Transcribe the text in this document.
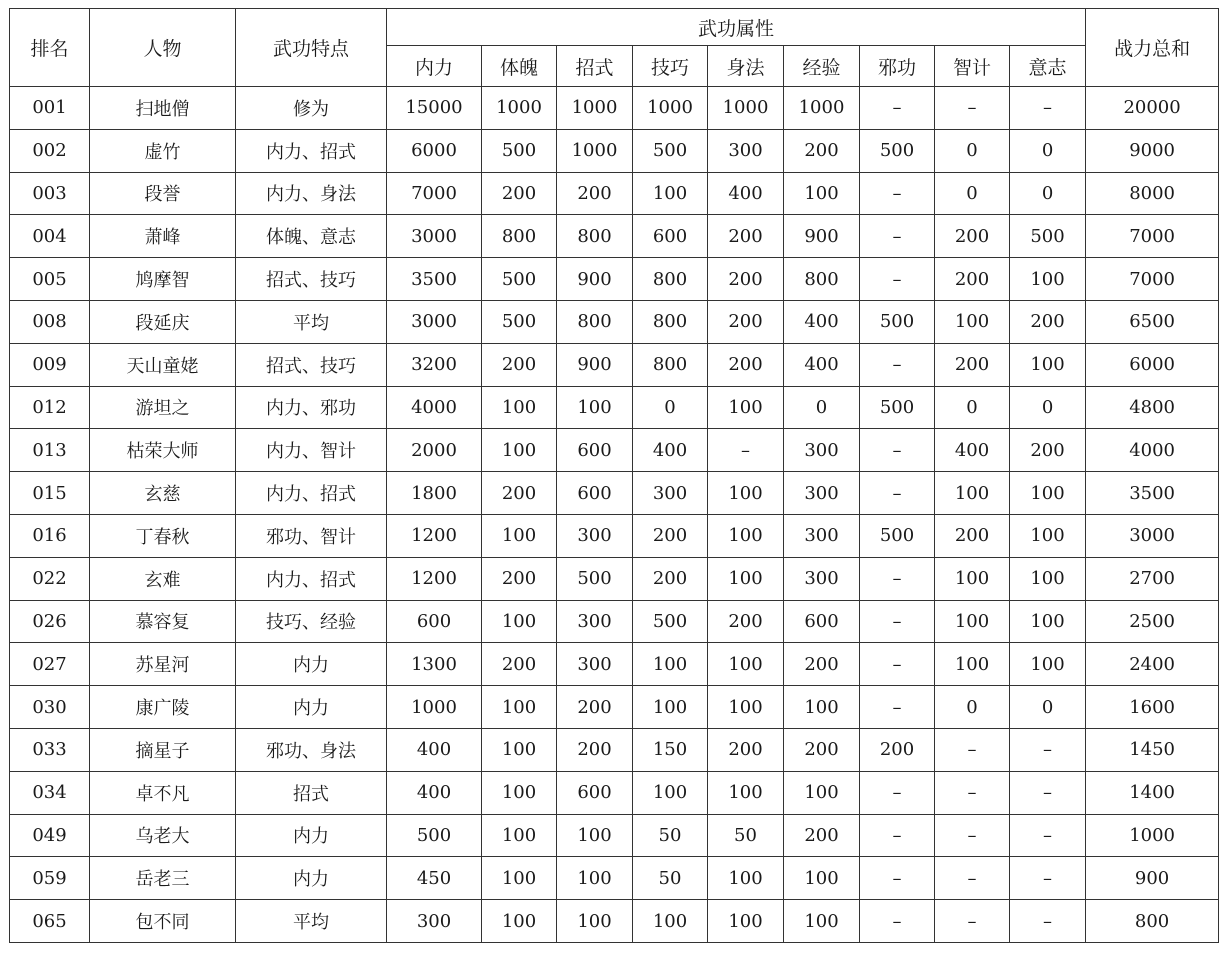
排名	人物	武功特点	武功属性									战力总和
			内力	体魄	招式	技巧	身法	经验	邪功	智计	意志	
001	扫地僧	修为	15000	1000	1000	1000	1000	1000	–	–	–	20000
002	虚竹	内力、招式	6000	500	1000	500	300	200	500	0	0	9000
003	段誉	内力、身法	7000	200	200	100	400	100	–	0	0	8000
004	萧峰	体魄、意志	3000	800	800	600	200	900	–	200	500	7000
005	鸠摩智	招式、技巧	3500	500	900	800	200	800	–	200	100	7000
008	段延庆	平均	3000	500	800	800	200	400	500	100	200	6500
009	天山童姥	招式、技巧	3200	200	900	800	200	400	–	200	100	6000
012	游坦之	内力、邪功	4000	100	100	0	100	0	500	0	0	4800
013	枯荣大师	内力、智计	2000	100	600	400	–	300	–	400	200	4000
015	玄慈	内力、招式	1800	200	600	300	100	300	–	100	100	3500
016	丁春秋	邪功、智计	1200	100	300	200	100	300	500	200	100	3000
022	玄难	内力、招式	1200	200	500	200	100	300	–	100	100	2700
026	慕容复	技巧、经验	600	100	300	500	200	600	–	100	100	2500
027	苏星河	内力	1300	200	300	100	100	200	–	100	100	2400
030	康广陵	内力	1000	100	200	100	100	100	–	0	0	1600
033	摘星子	邪功、身法	400	100	200	150	200	200	200	–	–	1450
034	卓不凡	招式	400	100	600	100	100	100	–	–	–	1400
049	乌老大	内力	500	100	100	50	50	200	–	–	–	1000
059	岳老三	内力	450	100	100	50	100	100	–	–	–	900
065	包不同	平均	300	100	100	100	100	100	–	–	–	800
